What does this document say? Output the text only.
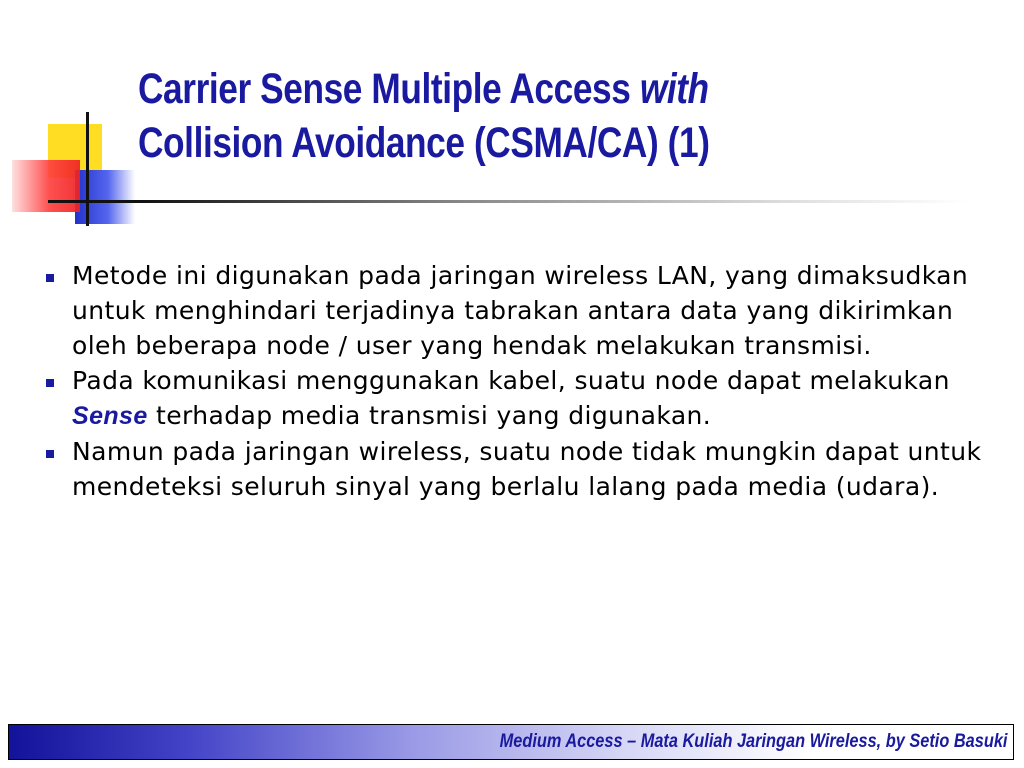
Carrier Sense Multiple Access with
Collision Avoidance (CSMA/CA) (1)
Metode ini digunakan pada jaringan wireless LAN, yang dimaksudkan untuk menghindari terjadinya tabrakan antara data yang dikirimkan oleh beberapa node / user yang hendak melakukan transmisi.
Pada komunikasi menggunakan kabel, suatu node dapat melakukan Sense terhadap media transmisi yang digunakan.
Namun pada jaringan wireless, suatu node tidak mungkin dapat untuk mendeteksi seluruh sinyal yang berlalu lalang pada media (udara).
Medium Access – Mata Kuliah Jaringan Wireless, by Setio Basuki
